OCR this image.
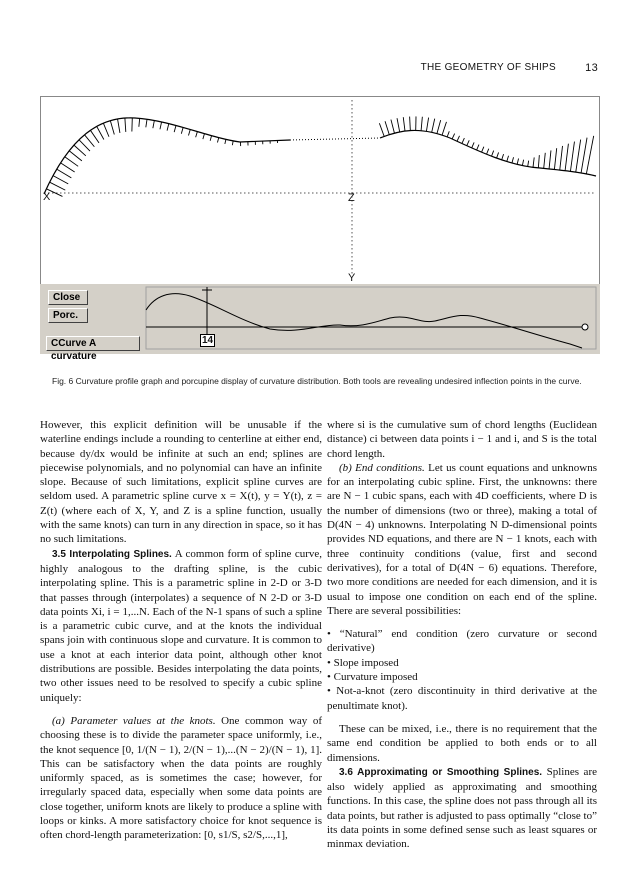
THE GEOMETRY OF SHIPS	13
X	Z
Y
Close
Porc.
CCurve A curvature
14
Fig. 6 Curvature profile graph and porcupine display of curvature distribution. Both tools are revealing undesired inflection points in the curve.

However, this explicit definition will be unusable if the waterline endings include a rounding to centerline at either end, because dy/dx would be infinite at such an end; splines are piecewise polynomials, and no polynomial can have an infinite slope. Because of such limitations, explicit spline curves are seldom used. A parametric spline curve x = X(t), y = Y(t), z = Z(t) (where each of X, Y, and Z is a spline function, usually with the same knots) can turn in any direction in space, so it has no such limitations.

3.5 Interpolating Splines. A common form of spline curve, highly analogous to the drafting spline, is the cubic interpolating spline. This is a parametric spline in 2-D or 3-D that passes through (interpolates) a sequence of N 2-D or 3-D data points Xi, i = 1,...N. Each of the N-1 spans of such a spline is a parametric cubic curve, and at the knots the individual spans join with continuous slope and curvature. It is common to use a knot at each interior data point, although other knot distributions are possible. Besides interpolating the data points, two other issues need to be resolved to specify a cubic spline uniquely:

(a) Parameter values at the knots. One common way of choosing these is to divide the parameter space uniformly, i.e., the knot sequence [0, 1/(N − 1), 2/(N − 1),...(N − 2)/(N − 1), 1]. This can be satisfactory when the data points are roughly uniformly spaced, as is sometimes the case; however, for irregularly spaced data, especially when some data points are close together, uniform knots are likely to produce a spline with loops or kinks. A more satisfactory choice for knot sequence is often chord-length parameterization: [0, s1/S, s2/S,...,1],

where si is the cumulative sum of chord lengths (Euclidean distance) ci between data points i − 1 and i, and S is the total chord length.

(b) End conditions. Let us count equations and unknowns for an interpolating cubic spline. First, the unknowns: there are N − 1 cubic spans, each with 4D coefficients, where D is the number of dimensions (two or three), making a total of D(4N − 4) unknowns. Interpolating N D-dimensional points provides ND equations, and there are N − 1 knots, each with three continuity conditions (value, first and second derivatives), for a total of D(4N − 6) equations. Therefore, two more conditions are needed for each dimension, and it is usual to impose one condition on each end of the spline. There are several possibilities:

• “Natural” end condition (zero curvature or second derivative)
• Slope imposed
• Curvature imposed
• Not-a-knot (zero discontinuity in third derivative at the penultimate knot).

These can be mixed, i.e., there is no requirement that the same end condition be applied to both ends or to all dimensions.

3.6 Approximating or Smoothing Splines. Splines are also widely applied as approximating and smoothing functions. In this case, the spline does not pass through all its data points, but rather is adjusted to pass optimally “close to” its data points in some defined sense such as least squares or minmax deviation.
